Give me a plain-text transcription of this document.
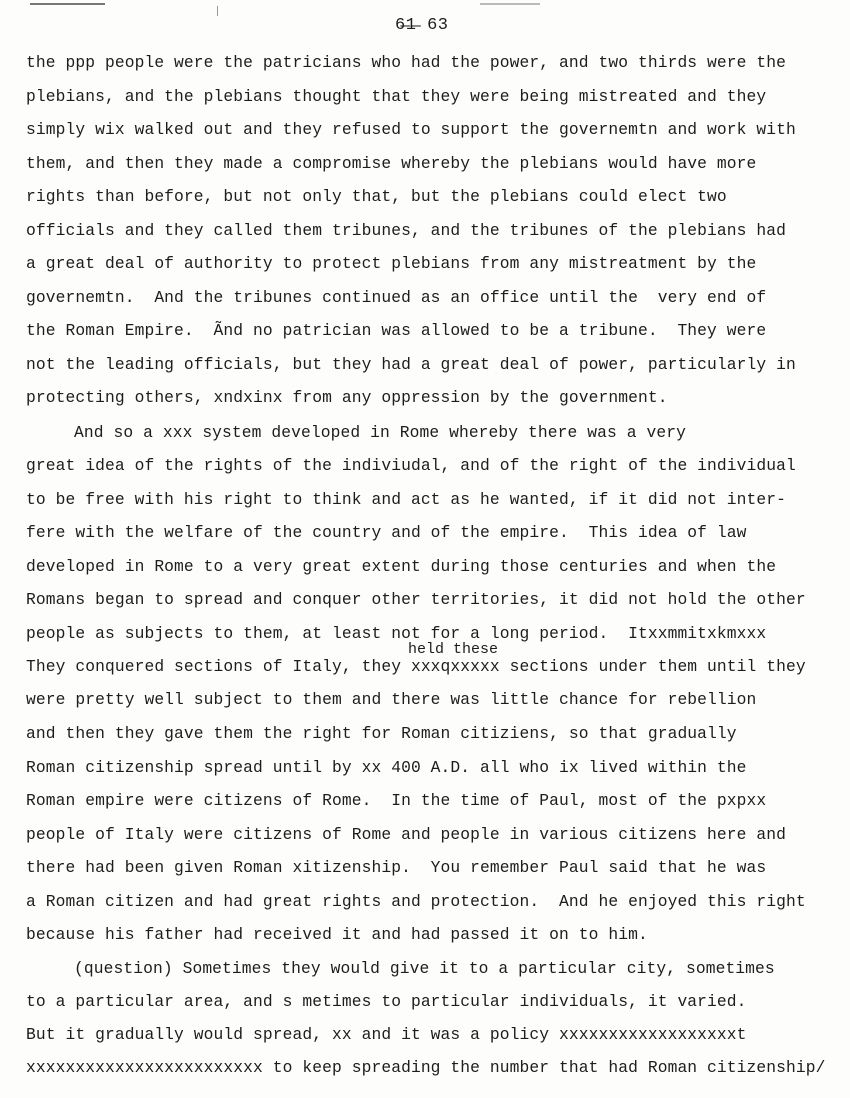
6̶1̶ 63
held these
the ppp people were the patricians who had the power, and two thirds were the
plebians, and the plebians thought that they were being mistreated and they
simply wix walked out and they refused to support the governemtn and work with
them, and then they made a compromise whereby the plebians would have more
rights than before, but not only that, but the plebians could elect two
officials and they called them tribunes, and the tribunes of the plebians had
a great deal of authority to protect plebians from any mistreatment by the
governemtn.  And the tribunes continued as an office until the  very end of
the Roman Empire.  Ãnd no patrician was allowed to be a tribune.  They were
not the leading officials, but they had a great deal of power, particularly in
protecting others, xndxinx from any oppression by the government.
And so a xxx system developed in Rome whereby there was a very
great idea of the rights of the indiviudal, and of the right of the individual
to be free with his right to think and act as he wanted, if it did not inter-
fere with the welfare of the country and of the empire.  This idea of law
developed in Rome to a very great extent during those centuries and when the
Romans began to spread and conquer other territories, it did not hold the other
people as subjects to them, at least not for a long period.  Itxxmmitxkmxxx
They conquered sections of Italy, they xxxqxxxxx sections under them until they
were pretty well subject to them and there was little chance for rebellion
and then they gave them the right for Roman citiziens, so that gradually
Roman citizenship spread until by xx 400 A.D. all who ix lived within the
Roman empire were citizens of Rome.  In the time of Paul, most of the pxpxx
people of Italy were citizens of Rome and people in various citizens here and
there had been given Roman xitizenship.  You remember Paul said that he was
a Roman citizen and had great rights and protection.  And he enjoyed this right
because his father had received it and had passed it on to him.
(question) Sometimes they would give it to a particular city, sometimes
to a particular area, and s metimes to particular individuals, it varied.
But it gradually would spread, xx and it was a policy xxxxxxxxxxxxxxxxxxt
xxxxxxxxxxxxxxxxxxxxxxxx to keep spreading the number that had Roman citizenship/
